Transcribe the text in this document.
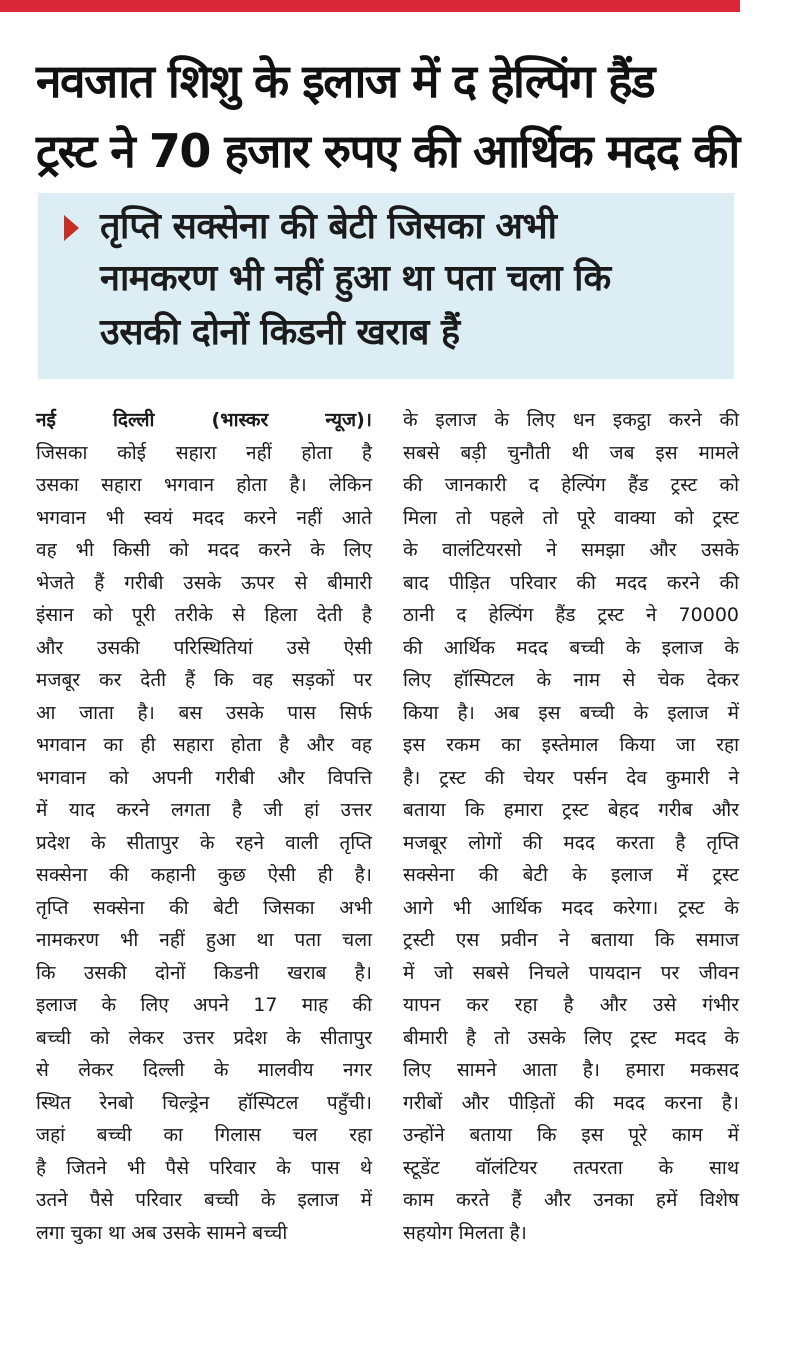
नवजात शिशु के इलाज में द हेल्पिंग हैंड
ट्रस्ट ने 70 हजार रुपए की आर्थिक मदद की
तृप्ति सक्सेना की बेटी जिसका अभी
नामकरण भी नहीं हुआ था पता चला कि
उसकी दोनों किडनी खराब हैं
नई दिल्ली (भास्कर न्यूज)।
जिसका कोई सहारा नहीं होता है
उसका सहारा भगवान होता है। लेकिन
भगवान भी स्वयं मदद करने नहीं आते
वह भी किसी को मदद करने के लिए
भेजते हैं गरीबी उसके ऊपर से बीमारी
इंसान को पूरी तरीके से हिला देती है
और उसकी परिस्थितियां उसे ऐसी
मजबूर कर देती हैं कि वह सड़कों पर
आ जाता है। बस उसके पास सिर्फ
भगवान का ही सहारा होता है और वह
भगवान को अपनी गरीबी और विपत्ति
में याद करने लगता है जी हां उत्तर
प्रदेश के सीतापुर के रहने वाली तृप्ति
सक्सेना की कहानी कुछ ऐसी ही है।
तृप्ति सक्सेना की बेटी जिसका अभी
नामकरण भी नहीं हुआ था पता चला
कि उसकी दोनों किडनी खराब है।
इलाज के लिए अपने 17 माह की
बच्ची को लेकर उत्तर प्रदेश के सीतापुर
से लेकर दिल्ली के मालवीय नगर
स्थित रेनबो चिल्ड्रेन हॉस्पिटल पहुँची।
जहां बच्ची का गिलास चल रहा
है जितने भी पैसे परिवार के पास थे
उतने पैसे परिवार बच्ची के इलाज में
लगा चुका था अब उसके सामने बच्ची
के इलाज के लिए धन इकट्ठा करने की
सबसे बड़ी चुनौती थी जब इस मामले
की जानकारी द हेल्पिंग हैंड ट्रस्ट को
मिला तो पहले तो पूरे वाक्या को ट्रस्ट
के वालंटियरसो ने समझा और उसके
बाद पीड़ित परिवार की मदद करने की
ठानी द हेल्पिंग हैंड ट्रस्ट ने 70000
की आर्थिक मदद बच्ची के इलाज के
लिए हॉस्पिटल के नाम से चेक देकर
किया है। अब इस बच्ची के इलाज में
इस रकम का इस्तेमाल किया जा रहा
है। ट्रस्ट की चेयर पर्सन देव कुमारी ने
बताया कि हमारा ट्रस्ट बेहद गरीब और
मजबूर लोगों की मदद करता है तृप्ति
सक्सेना की बेटी के इलाज में ट्रस्ट
आगे भी आर्थिक मदद करेगा। ट्रस्ट के
ट्रस्टी एस प्रवीन ने बताया कि समाज
में जो सबसे निचले पायदान पर जीवन
यापन कर रहा है और उसे गंभीर
बीमारी है तो उसके लिए ट्रस्ट मदद के
लिए सामने आता है। हमारा मकसद
गरीबों और पीड़ितों की मदद करना है।
उन्होंने बताया कि इस पूरे काम में
स्टूडेंट वॉलंटियर तत्परता के साथ
काम करते हैं और उनका हमें विशेष
सहयोग मिलता है।
